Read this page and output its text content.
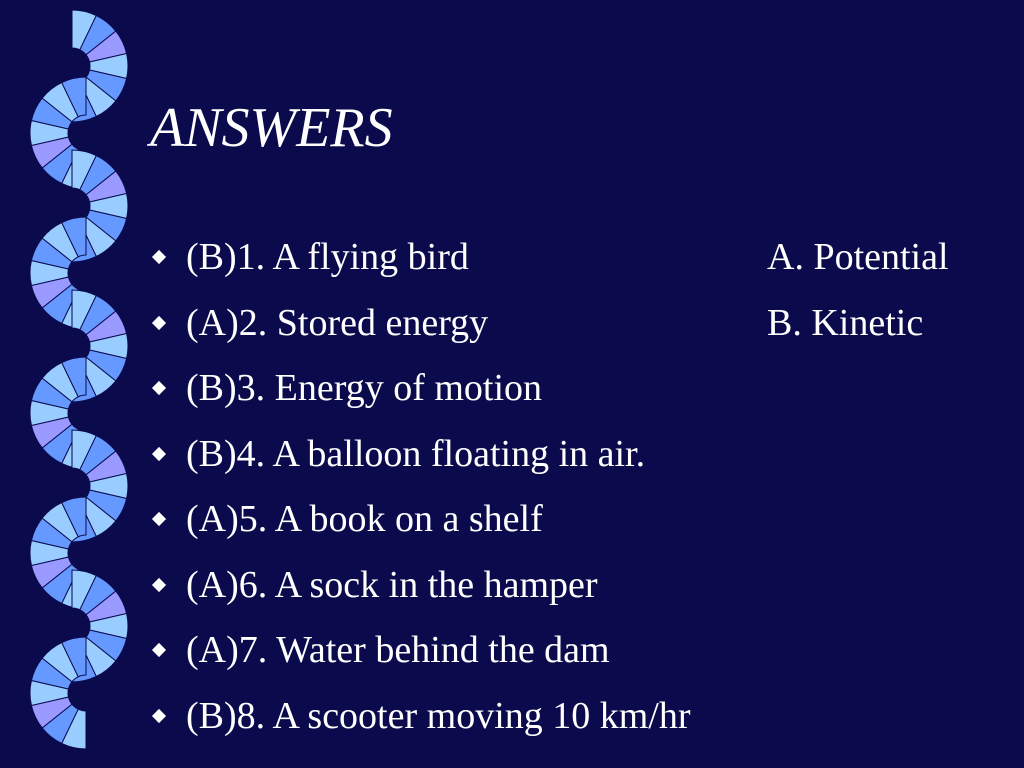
ANSWERS
(B)1. A flying bird	A. Potential
(A)2. Stored energy	B. Kinetic
(B)3. Energy of motion
(B)4. A balloon floating in air.
(A)5. A book on a shelf
(A)6. A sock in the hamper
(A)7. Water behind the dam
(B)8. A scooter moving 10 km/hr
